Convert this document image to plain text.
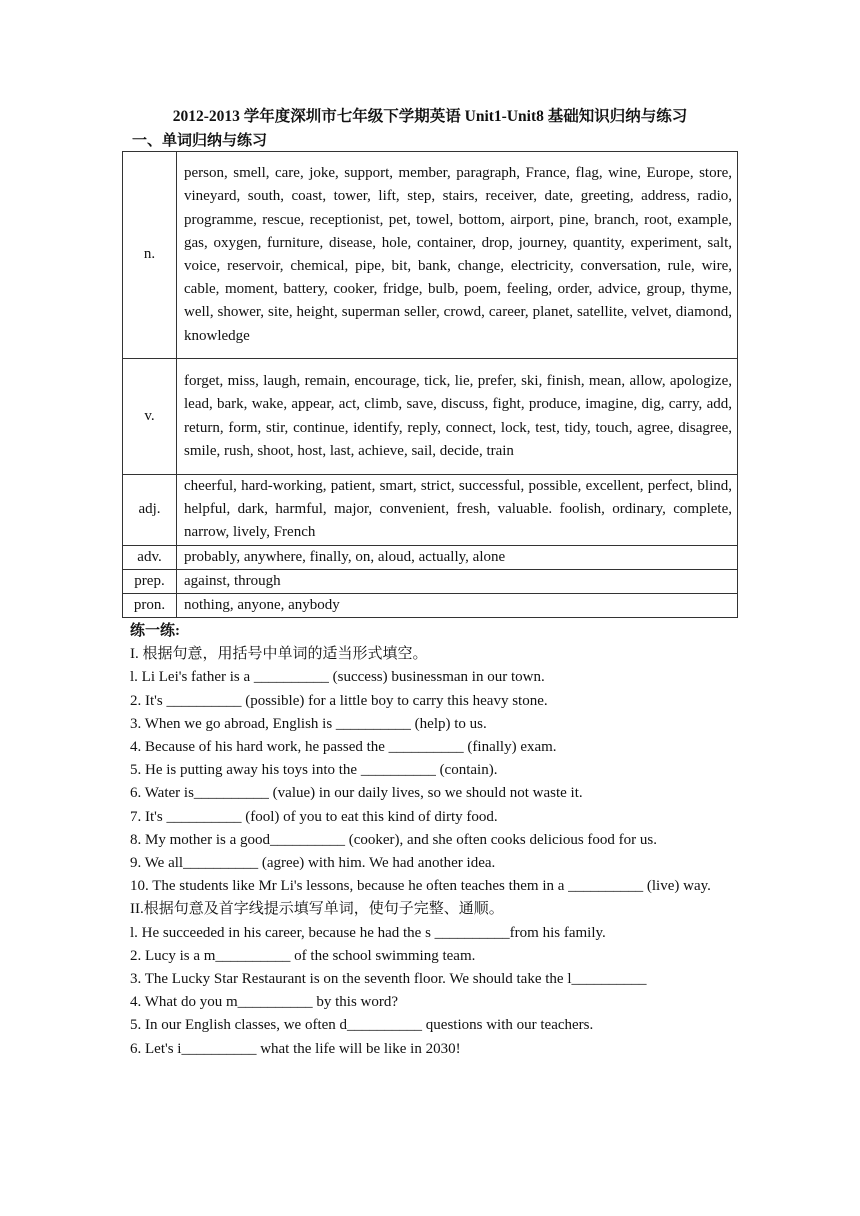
2012-2013 学年度深圳市七年级下学期英语 Unit1-Unit8 基础知识归纳与练习
一、单词归纳与练习
n.	person, smell, care, joke, support, member, paragraph, France, flag, wine, Europe, store, vineyard, south, coast, tower, lift, step, stairs, receiver, date, greeting, address, radio, programme, rescue, receptionist, pet, towel, bottom, airport, pine, branch, root, example, gas, oxygen, furniture, disease, hole, container, drop, journey, quantity, experiment, salt, voice, reservoir, chemical, pipe, bit, bank, change, electricity, conversation, rule, wire, cable, moment, battery, cooker, fridge, bulb, poem, feeling, order, advice, group, thyme, well, shower, site, height, superman seller, crowd, career, planet, satellite, velvet, diamond, knowledge
v.	forget, miss, laugh, remain, encourage, tick, lie, prefer, ski, finish, mean, allow, apologize, lead, bark, wake, appear, act, climb, save, discuss, fight, produce, imagine, dig, carry, add, return, form, stir, continue, identify, reply, connect, lock, test, tidy, touch, agree, disagree, smile, rush, shoot, host, last, achieve, sail, decide, train
adj.	cheerful, hard-working, patient, smart, strict, successful, possible, excellent, perfect, blind, helpful, dark, harmful, major, convenient, fresh, valuable. foolish, ordinary, complete, narrow, lively, French
adv.	probably, anywhere, finally, on, aloud, actually, alone
prep.	against, through
pron.	nothing, anyone, anybody
练一练:
I. 根据句意，用括号中单词的适当形式填空。
l. Li Lei's father is a __________ (success) businessman in our town.
2. It's __________ (possible) for a little boy to carry this heavy stone.
3. When we go abroad, English is __________ (help) to us.
4. Because of his hard work, he passed the __________ (finally) exam.
5. He is putting away his toys into the __________ (contain).
6. Water is__________ (value) in our daily lives, so we should not waste it.
7. It's __________ (fool) of you to eat this kind of dirty food.
8. My mother is a good__________ (cooker), and she often cooks delicious food for us.
9. We all__________ (agree) with him. We had another idea.
10. The students like Mr Li's lessons, because he often teaches them in a __________ (live) way.
II.根据句意及首字线提示填写单词，使句子完整、通顺。
l. He succeeded in his career, because he had the s __________from his family.
2. Lucy is a m__________ of the school swimming team.
3. The Lucky Star Restaurant is on the seventh floor. We should take the l__________
4. What do you m__________ by this word?
5. In our English classes, we often d__________ questions with our teachers.
6. Let's i__________ what the life will be like in 2030!
